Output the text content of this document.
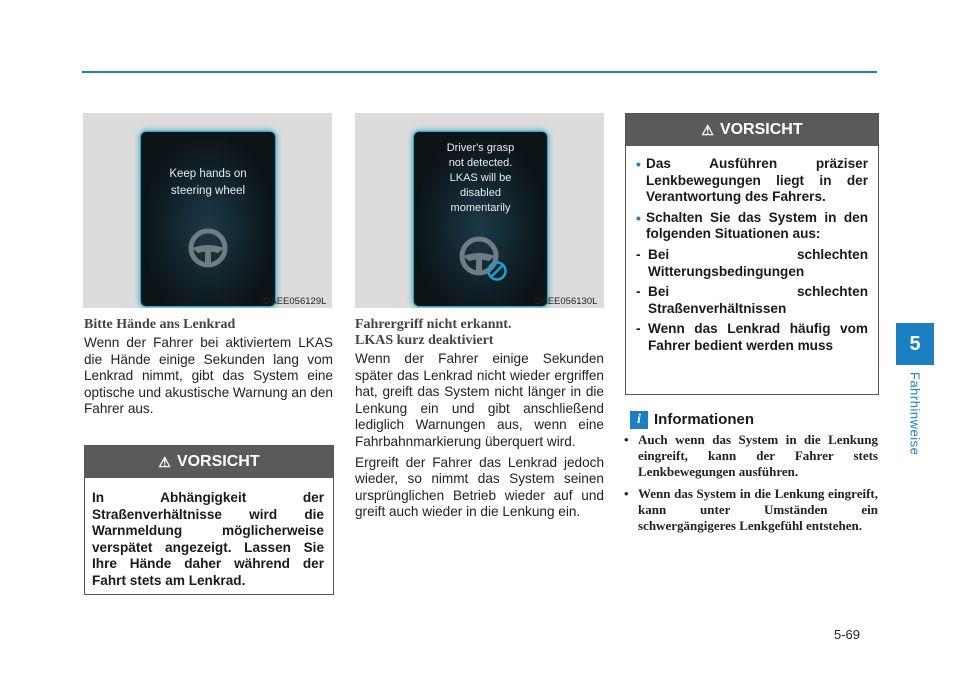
5
Fahrhinweise
Keep hands on
steering wheel
OAEE056129L
Driver's grasp
not detected.
LKAS will be
disabled
momentarily
OAEE056130L
Bitte Hände ans Lenkrad

Wenn der Fahrer bei aktiviertem LKAS die Hände einige Sekunden lang vom Lenkrad nimmt, gibt das System eine optische und akustische Warnung an den Fahrer aus.

⚠ VORSICHT
In Abhängigkeit der Straßenverhältnisse wird die Warnmeldung möglicherweise verspätet angezeigt. Lassen Sie Ihre Hände daher während der Fahrt stets am Lenkrad.
Fahrergriff nicht erkannt.
LKAS kurz deaktiviert

Wenn der Fahrer einige Sekunden später das Lenkrad nicht wieder ergriffen hat, greift das System nicht länger in die Lenkung ein und gibt anschließend lediglich Warnungen aus, wenn eine Fahrbahnmarkierung überquert wird.

Ergreift der Fahrer das Lenkrad jedoch wieder, so nimmt das System seinen ursprünglichen Betrieb wieder auf und greift auch wieder in die Lenkung ein.

⚠ VORSICHT
• Das Ausführen präziser Lenkbewegungen liegt in der Verantwortung des Fahrers.
• Schalten Sie das System in den folgenden Situationen aus:
- Bei schlechten Witterungsbedingungen
- Bei schlechten Straßenverhältnissen
- Wenn das Lenkrad häufig vom Fahrer bedient werden muss
i Informationen
• Auch wenn das System in die Lenkung eingreift, kann der Fahrer stets Lenkbewegungen ausführen.
• Wenn das System in die Lenkung eingreift, kann unter Umständen ein schwergängigeres Lenkgefühl entstehen.
5-69
